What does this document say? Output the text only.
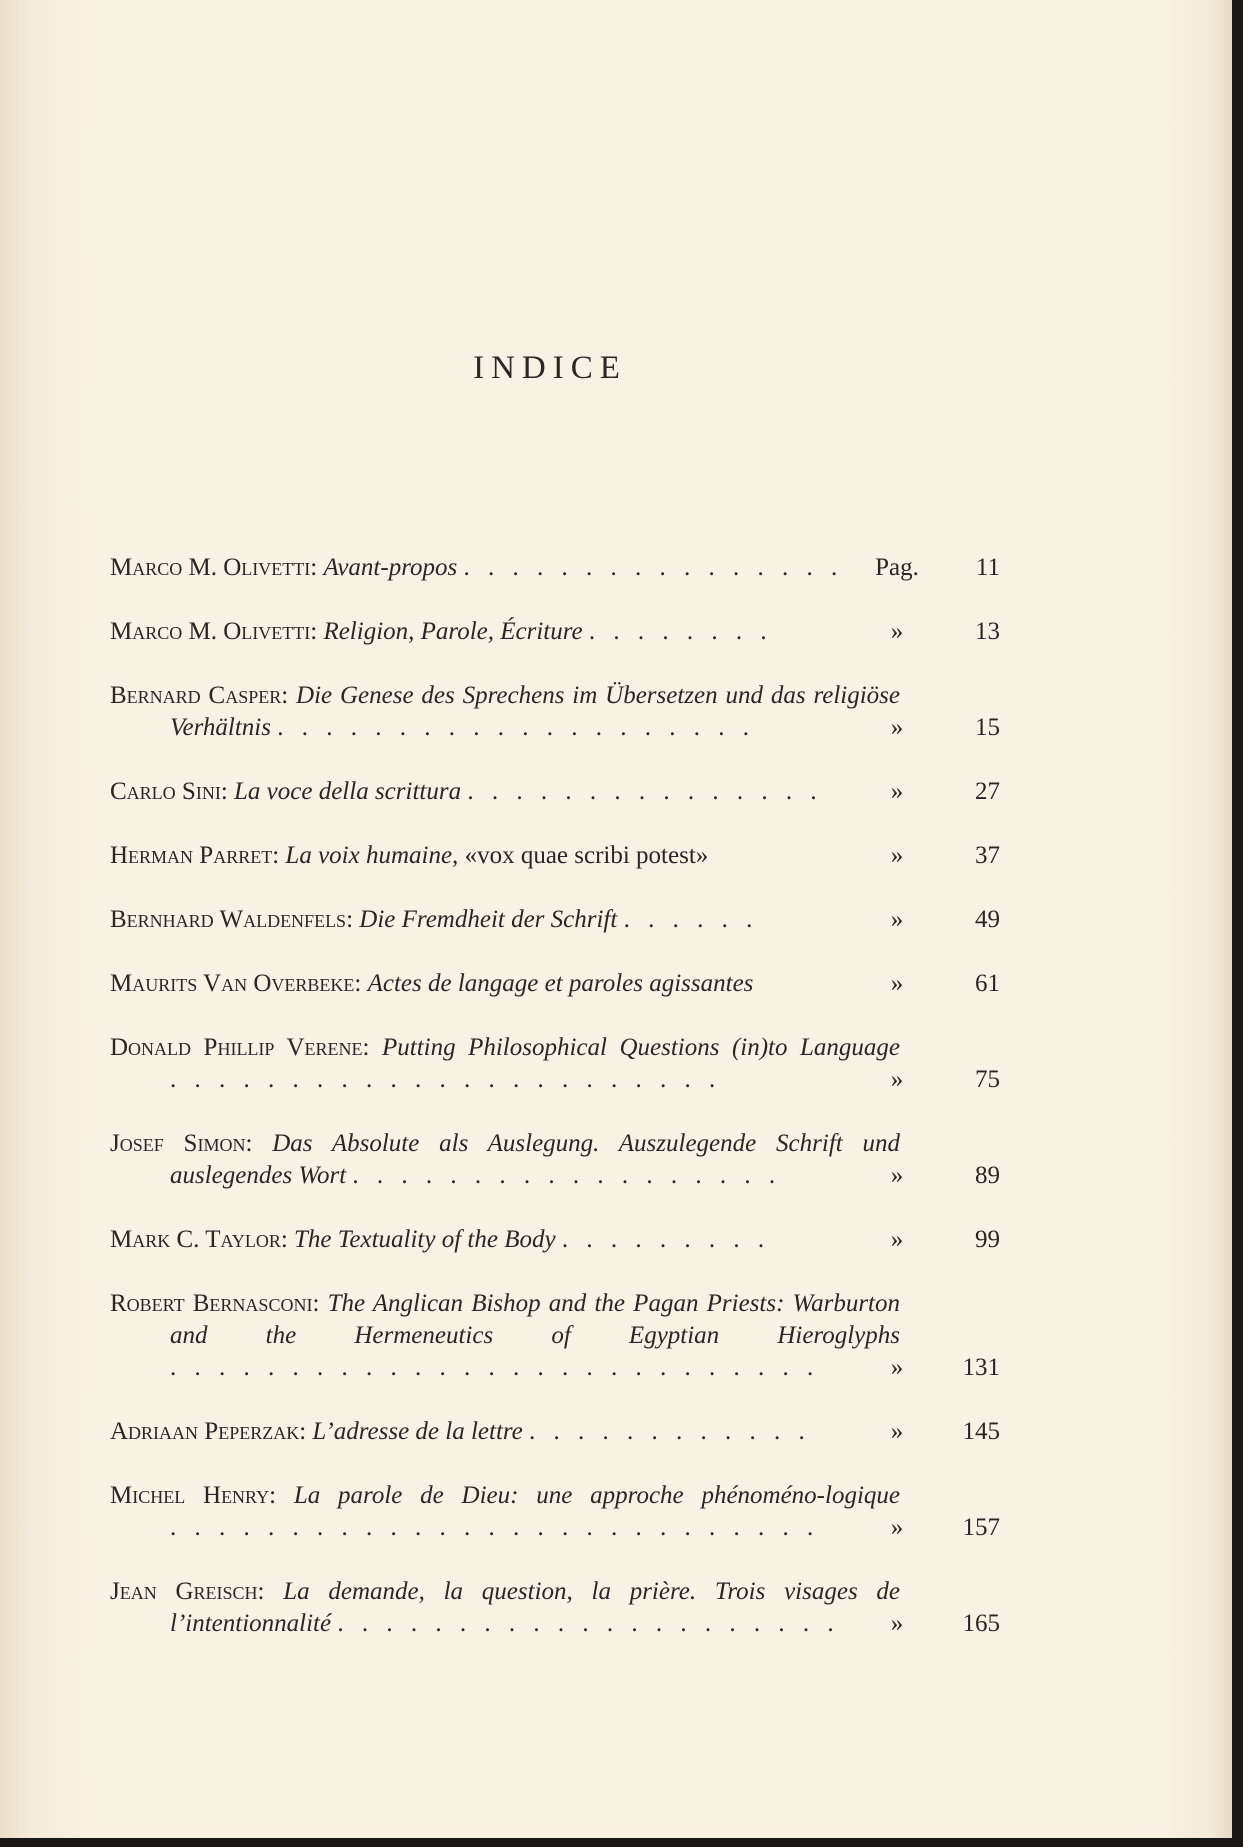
INDICE
Marco M. Olivetti: Avant-propos . . . . . . . . . . . . . . . .	Pag.	11
Marco M. Olivetti: Religion, Parole, Écriture . . . . . . . .	»	13
Bernard Casper: Die Genese des Sprechens im Übersetzen und das religiöse Verhältnis . . . . . . . . . . . . . . . . . . . .	»	15
Carlo Sini: La voce della scrittura . . . . . . . . . . . . . . .	»	27
Herman Parret: La voix humaine, «vox quae scribi potest»	»	37
Bernhard Waldenfels: Die Fremdheit der Schrift . . . . . .	»	49
Maurits Van Overbeke: Actes de langage et paroles agissantes	»	61
Donald Phillip Verene: Putting Philosophical Questions (in)to Language . . . . . . . . . . . . . . . . . . . . . . .	»	75
Josef Simon: Das Absolute als Auslegung. Auszulegende Schrift und auslegendes Wort . . . . . . . . . . . . . . . . . .	»	89
Mark C. Taylor: The Textuality of the Body . . . . . . . . .	»	99
Robert Bernasconi: The Anglican Bishop and the Pagan Priests: Warburton and the Hermeneutics of Egyptian Hieroglyphs . . . . . . . . . . . . . . . . . . . . . . . . . . .	»	131
Adriaan Peperzak: L’adresse de la lettre . . . . . . . . . . . .	»	145
Michel Henry: La parole de Dieu: une approche phénoméno-logique . . . . . . . . . . . . . . . . . . . . . . . . . . .	»	157
Jean Greisch: La demande, la question, la prière. Trois visages de l’intentionnalité . . . . . . . . . . . . . . . . . . . . .	»	165
